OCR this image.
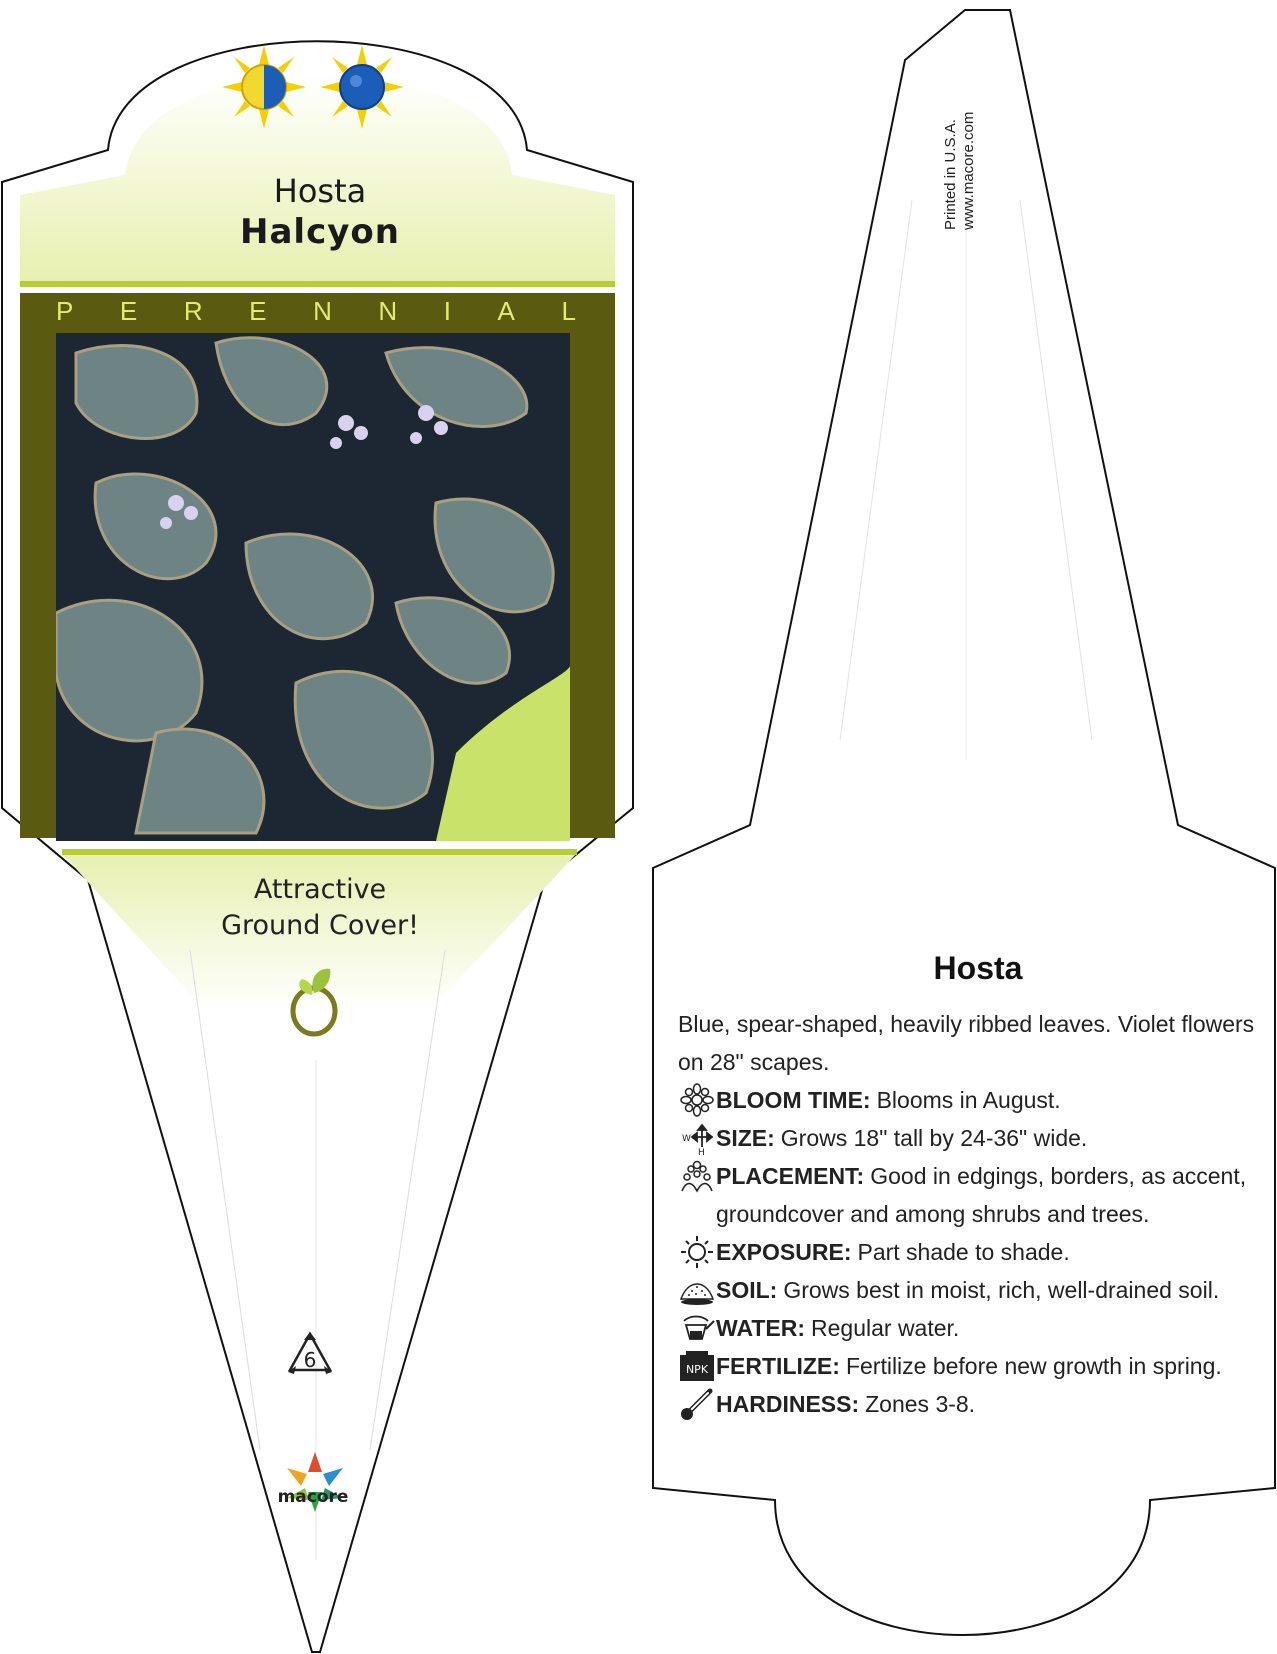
Hosta
Halcyon
P E R E N N I A L
Attractive
Ground Cover!
6
macore
Printed in U.S.A. www.macore.com
Hosta
Blue, spear-shaped, heavily ribbed leaves. Violet flowers on 28" scapes.
BLOOM TIME: Blooms in August.
W
H
SIZE: Grows 18" tall by 24-36" wide.
PLACEMENT: Good in edgings, borders, as accent, groundcover and among shrubs and trees.
EXPOSURE: Part shade to shade.
SOIL: Grows best in moist, rich, well-drained soil.
WATER: Regular water.
NPK FERTILIZE: Fertilize before new growth in spring.
HARDINESS: Zones 3-8.
